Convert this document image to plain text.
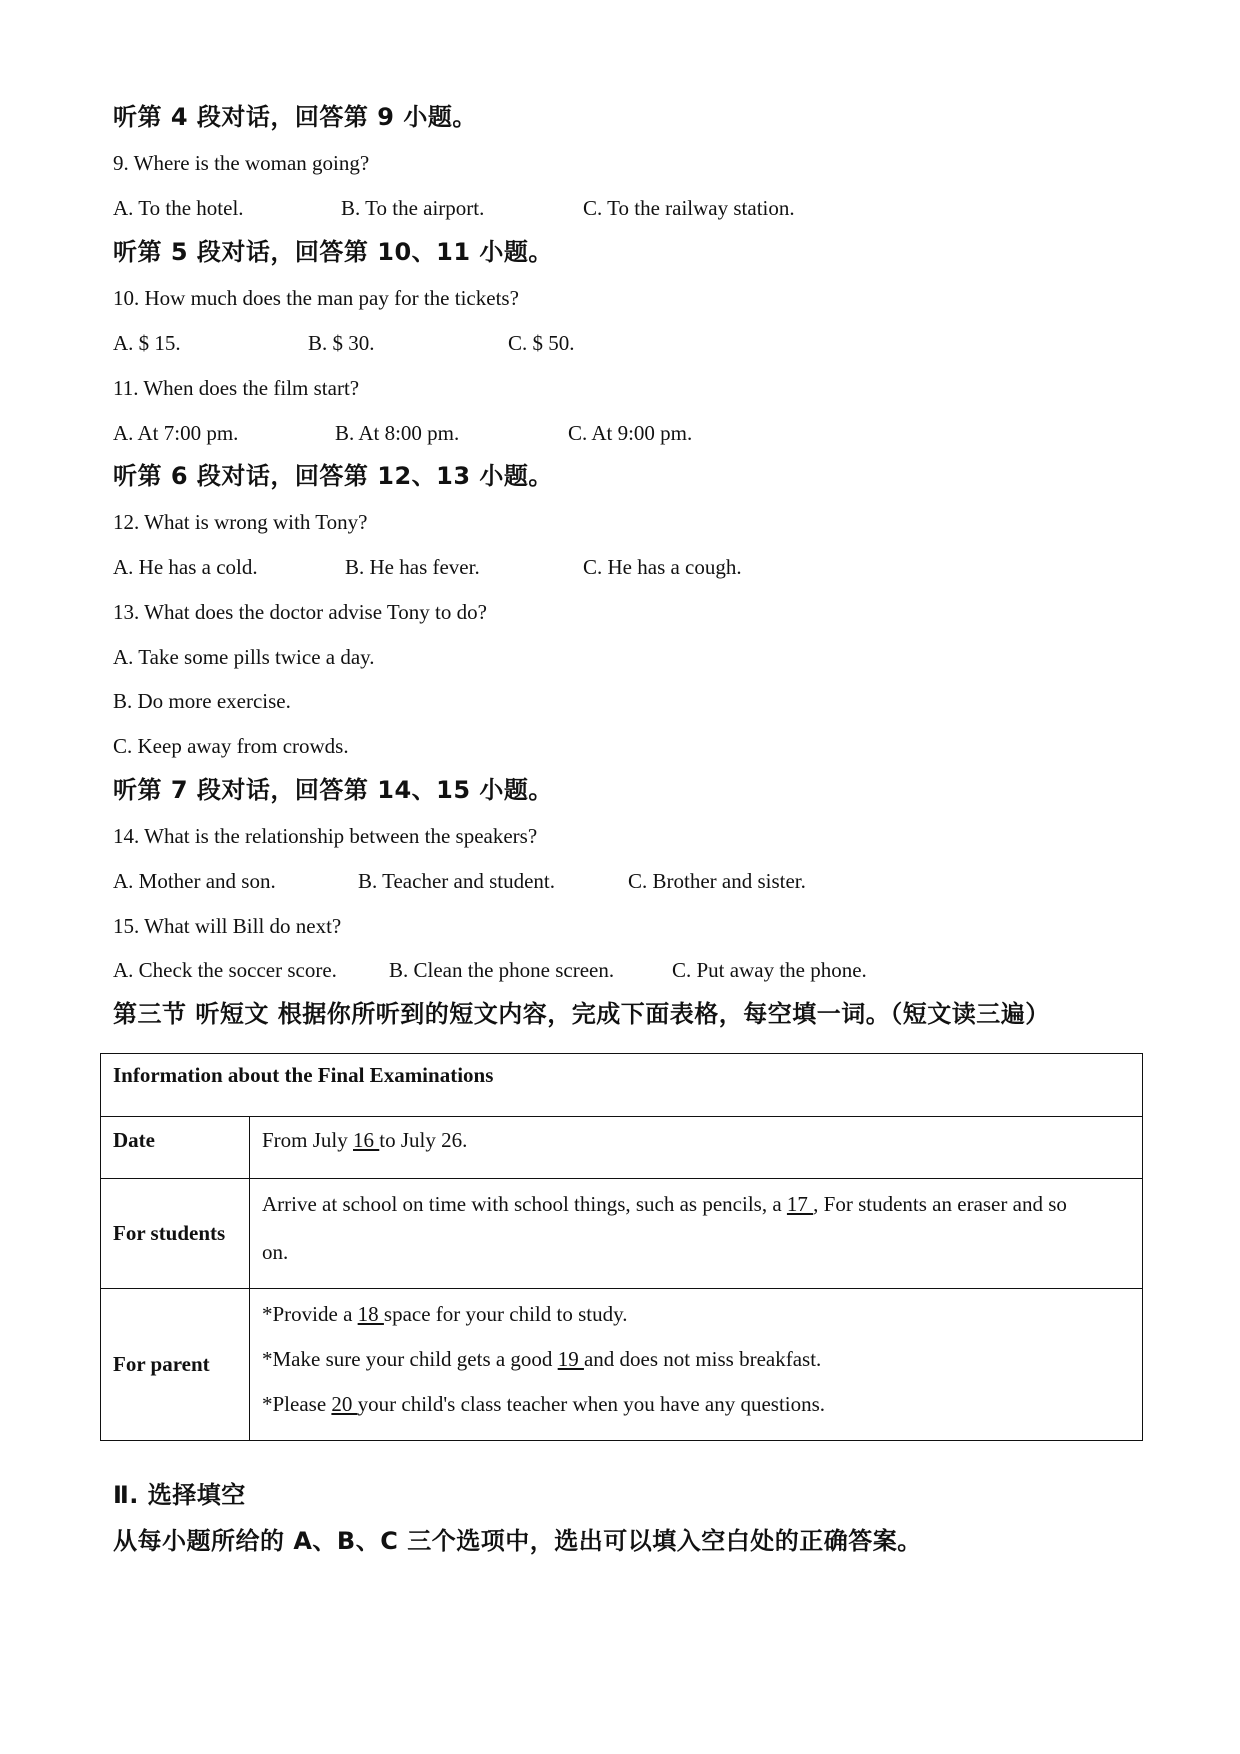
听第 4 段对话，回答第 9 小题。
9. Where is the woman going?
A. To the hotel.	B. To the airport.	C. To the railway station.
听第 5 段对话，回答第 10、11 小题。
10. How much does the man pay for the tickets?
A. $ 15.	B. $ 30.	C. $ 50.
11. When does the film start?
A. At 7:00 pm.	B. At 8:00 pm.	C. At 9:00 pm.
听第 6 段对话，回答第 12、13 小题。
12. What is wrong with Tony?
A. He has a cold.	B. He has fever.	C. He has a cough.
13. What does the doctor advise Tony to do?
A. Take some pills twice a day.
B. Do more exercise.
C. Keep away from crowds.
听第 7 段对话，回答第 14、15 小题。
14. What is the relationship between the speakers?
A. Mother and son.	B. Teacher and student.	C. Brother and sister.
15. What will Bill do next?
A. Check the soccer score. B. Clean the phone screen.	C. Put away the phone.
第三节 听短文 根据你所听到的短文内容，完成下面表格，每空填一词。（短文读三遍）
Information about the Final Examinations	
Date	From July 16 to July 26.
For students	Arrive at school on time with school things, such as pencils, a 17 , For students an eraser and so
on.

For parent	*Provide a 18 space for your child to study.
*Make sure your child gets a good 19 and does not miss breakfast.
*Please 20 your child's class teacher when you have any questions.
Ⅱ. 选择填空
从每小题所给的 A、B、C 三个选项中，选出可以填入空白处的正确答案。
